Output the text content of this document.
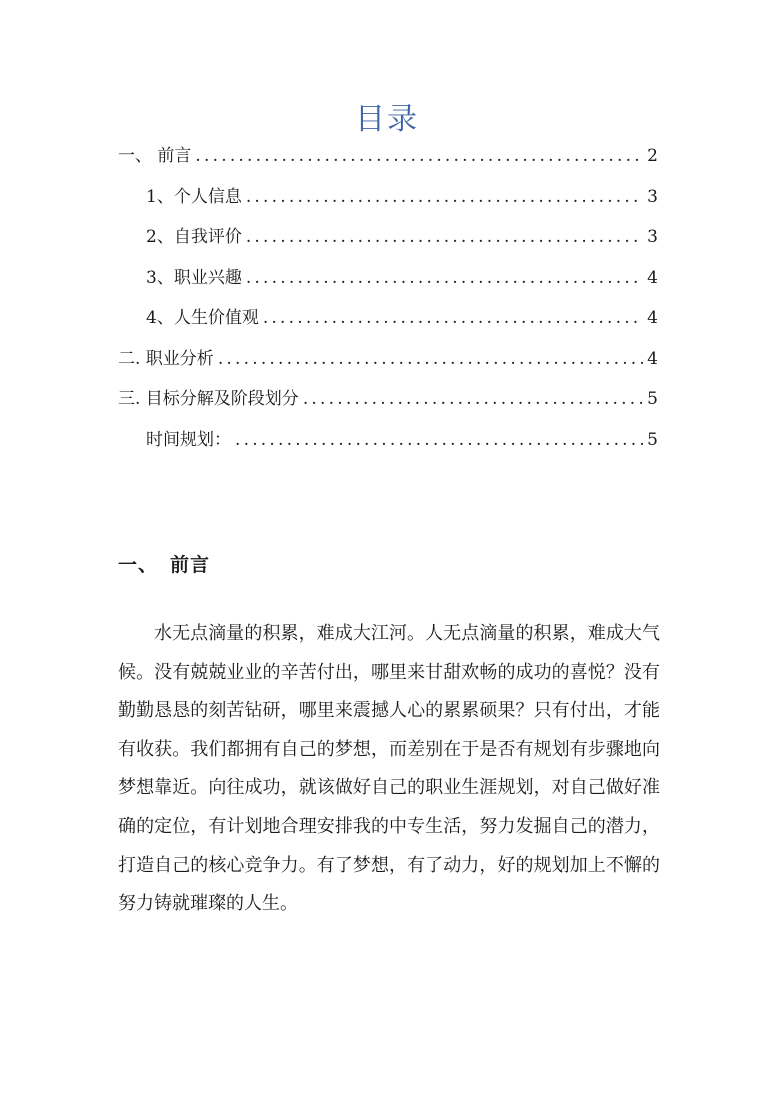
目录
一、 前言 .....	2
1、个人信息 .....	3
2、自我评价 .....	3
3、职业兴趣 .....	4
4、人生价值观 .....	4
二. 职业分析 .....	4
三. 目标分解及阶段划分 .....	5
时间规划： .....	5
一、 前言

水无点滴量的积累，难成大江河。人无点滴量的积累，难成大气候。没有兢兢业业的辛苦付出，哪里来甘甜欢畅的成功的喜悦？没有勤勤恳恳的刻苦钻研，哪里来震撼人心的累累硕果？只有付出，才能有收获。我们都拥有自己的梦想，而差别在于是否有规划有步骤地向梦想靠近。向往成功，就该做好自己的职业生涯规划，对自己做好准确的定位，有计划地合理安排我的中专生活，努力发掘自己的潜力，打造自己的核心竞争力。有了梦想，有了动力，好的规划加上不懈的努力铸就璀璨的人生。
